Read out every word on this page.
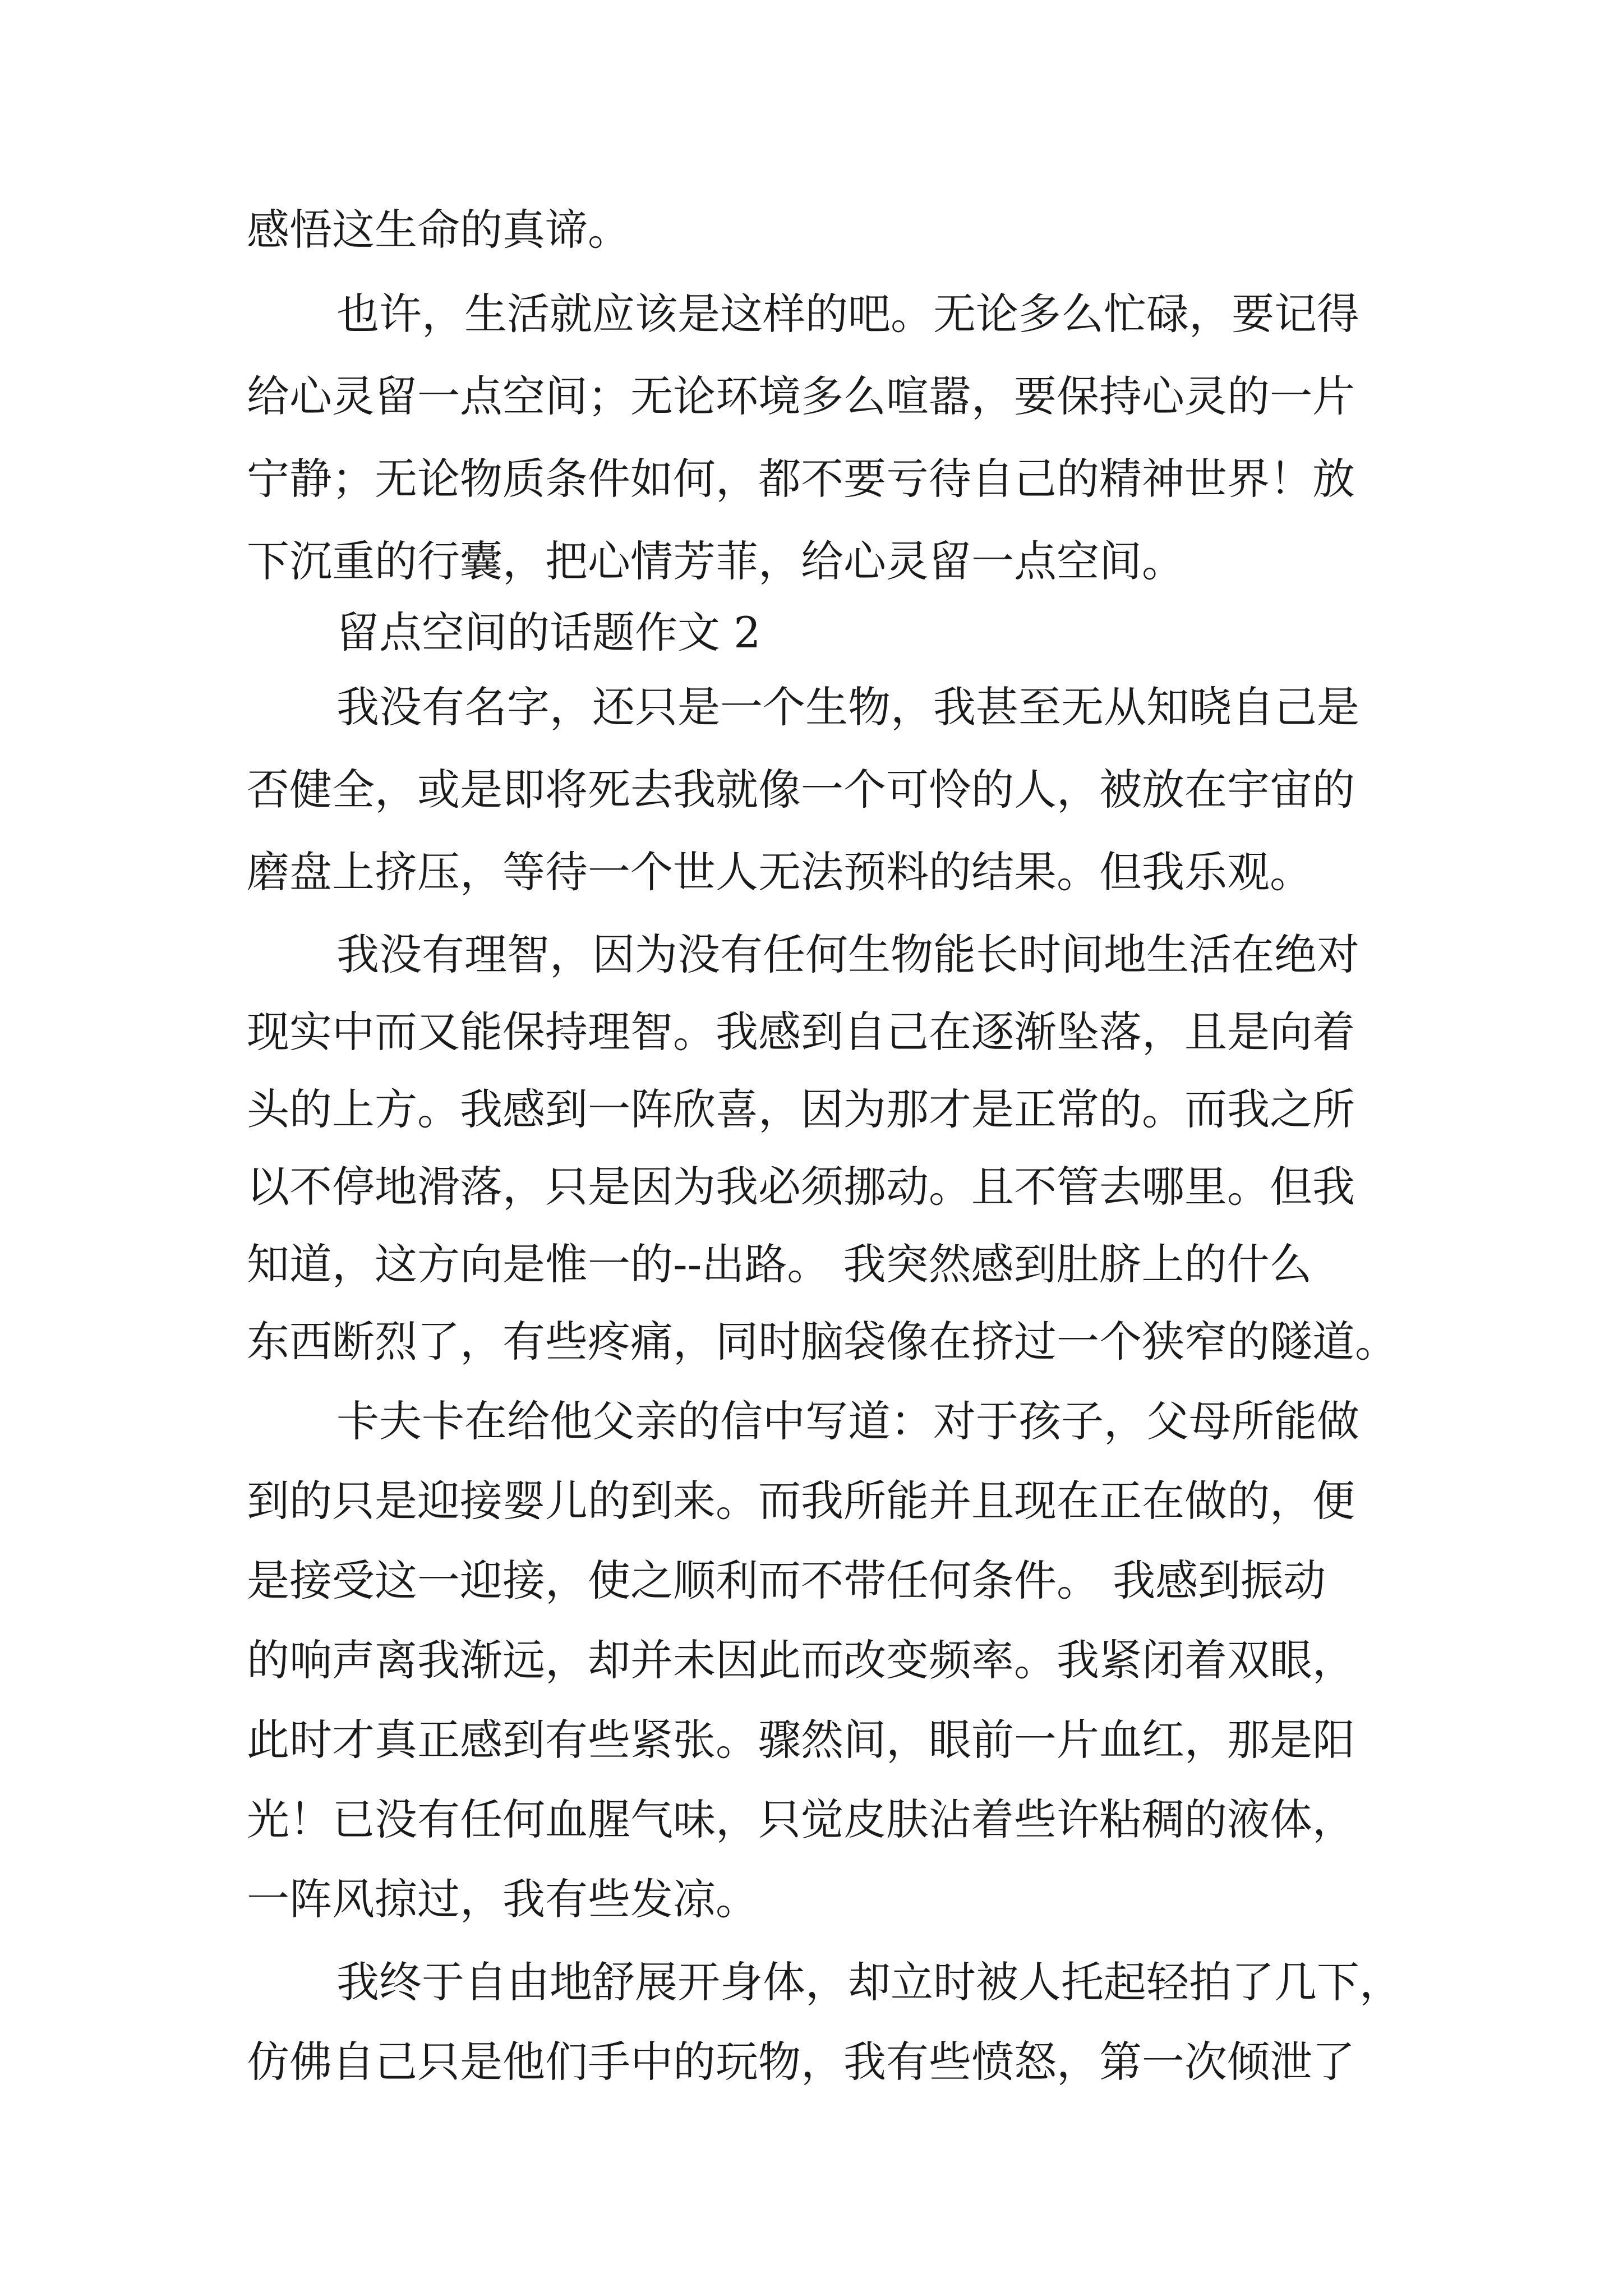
感悟这生命的真谛。
也许，生活就应该是这样的吧。无论多么忙碌，要记得
给心灵留一点空间；无论环境多么喧嚣，要保持心灵的一片
宁静；无论物质条件如何，都不要亏待自己的精神世界！放
下沉重的行囊，把心情芳菲，给心灵留一点空间。
留点空间的话题作文 2
我没有名字，还只是一个生物，我甚至无从知晓自己是
否健全，或是即将死去我就像一个可怜的人，被放在宇宙的
磨盘上挤压，等待一个世人无法预料的结果。但我乐观。
我没有理智，因为没有任何生物能长时间地生活在绝对
现实中而又能保持理智。我感到自己在逐渐坠落，且是向着
头的上方。我感到一阵欣喜，因为那才是正常的。而我之所
以不停地滑落，只是因为我必须挪动。且不管去哪里。但我
知道，这方向是惟一的--出路。 我突然感到肚脐上的什么
东西断烈了，有些疼痛，同时脑袋像在挤过一个狭窄的隧道。
卡夫卡在给他父亲的信中写道：对于孩子，父母所能做
到的只是迎接婴儿的到来。而我所能并且现在正在做的，便
是接受这一迎接，使之顺利而不带任何条件。 我感到振动
的响声离我渐远，却并未因此而改变频率。我紧闭着双眼，
此时才真正感到有些紧张。骤然间，眼前一片血红，那是阳
光！已没有任何血腥气味，只觉皮肤沾着些许粘稠的液体，
一阵风掠过，我有些发凉。
我终于自由地舒展开身体，却立时被人托起轻拍了几下，
仿佛自己只是他们手中的玩物，我有些愤怒，第一次倾泄了
